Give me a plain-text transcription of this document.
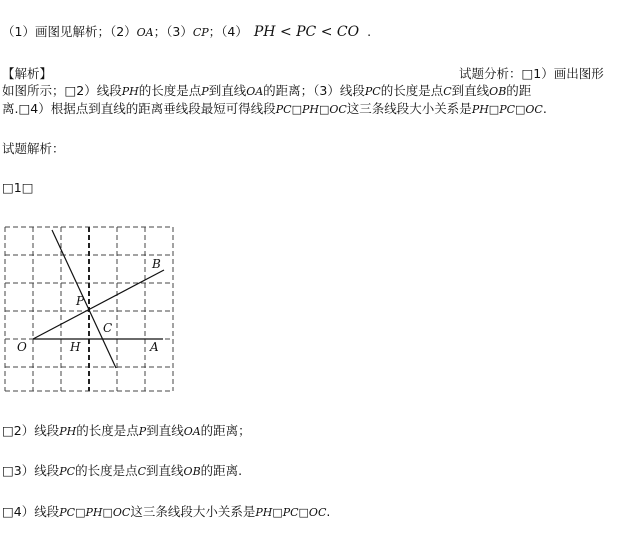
（1）画图见解析；（2）OA；（3）CP；（4） PH < PC < CO .
【解析】	试题分析：□1）画出图形
如图所示；□2）线段PH的长度是点P到直线OA的距离；（3）线段PC的长度是点C到直线OB的距
离.□4）根据点到直线的距离垂线段最短可得线段PC□PH□OC这三条线段大小关系是PH□PC□OC.
试题解析：
□1□
B
P
C
O	H	A
□2）线段PH的长度是点P到直线OA的距离；
□3）线段PC的长度是点C到直线OB的距离.
□4）线段PC□PH□OC这三条线段大小关系是PH□PC□OC.
